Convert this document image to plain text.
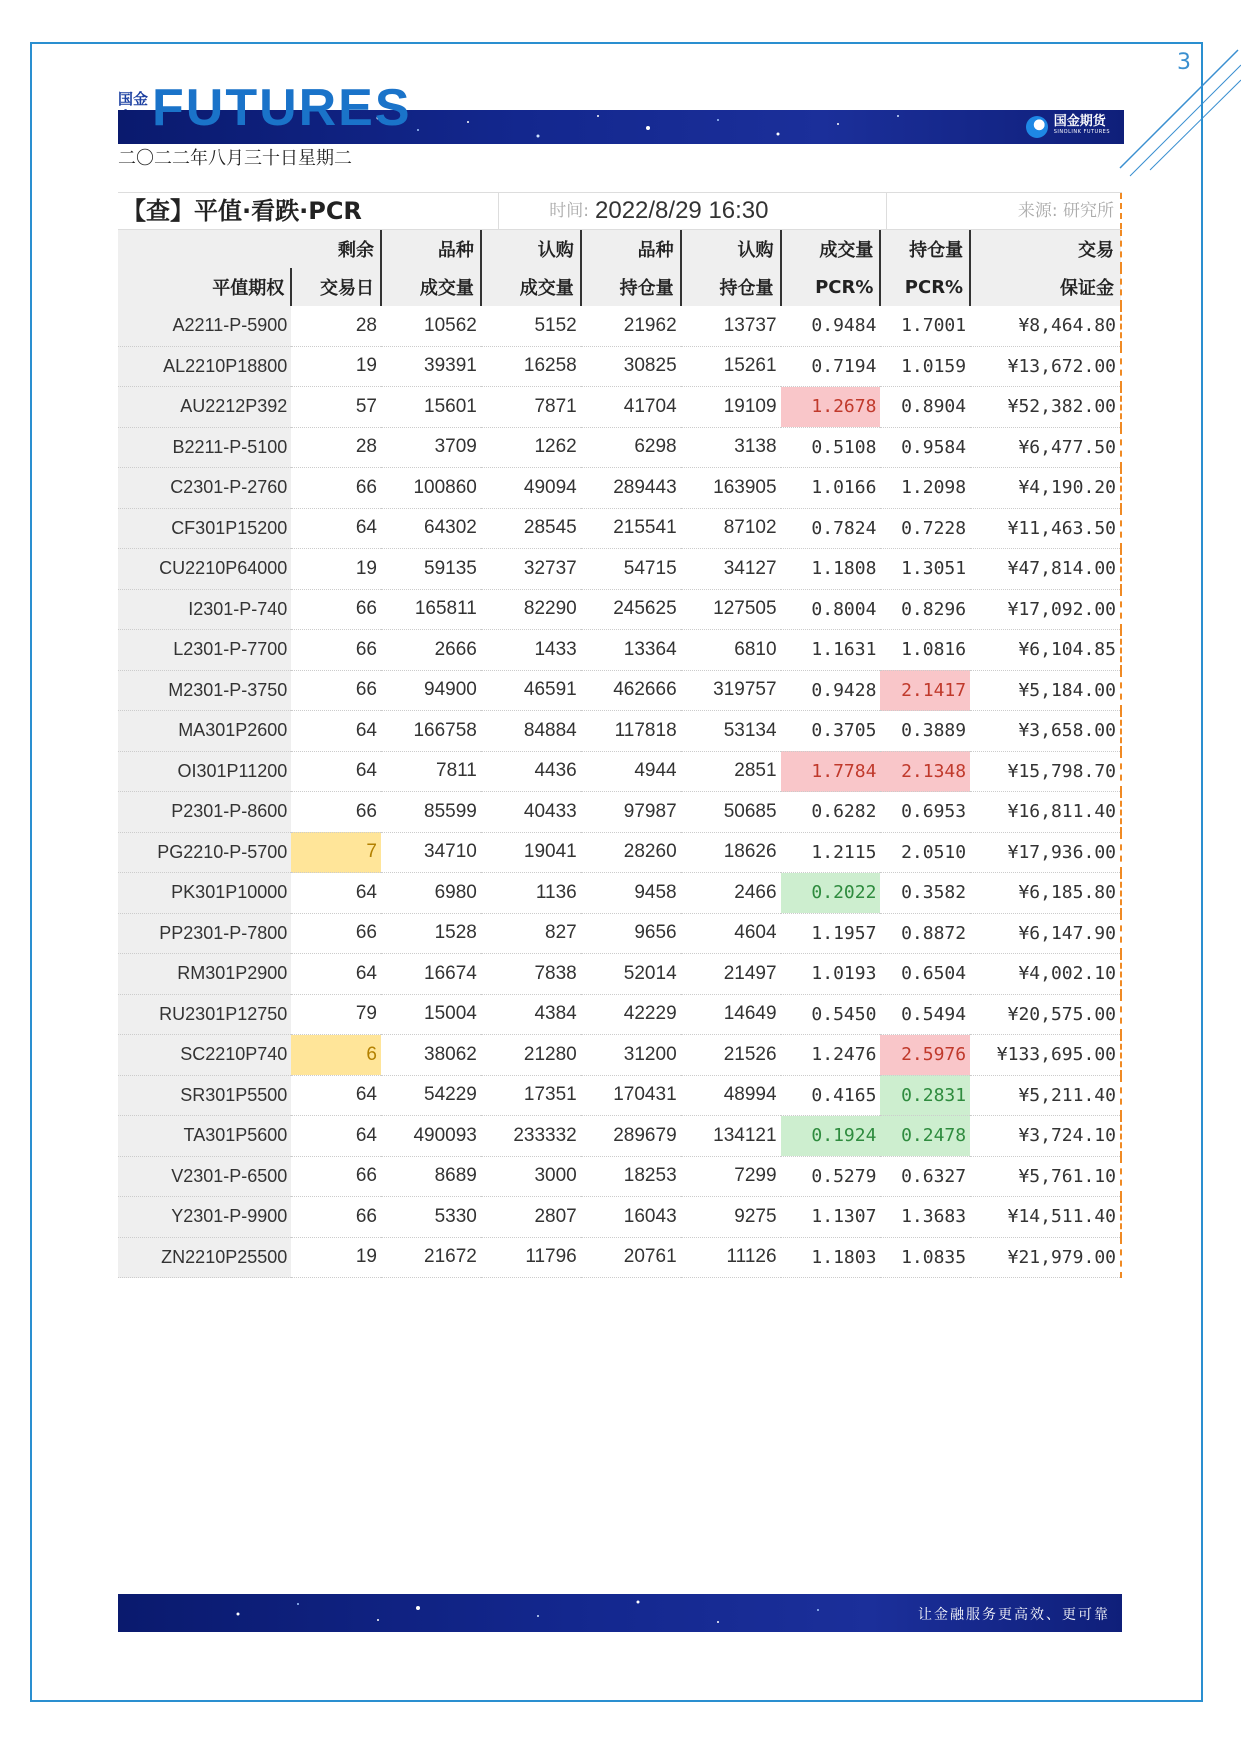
3
国金 FUTURES	国金期货
SINOLINK FUTURES
二〇二二年八月三十日星期二
【查】平值·看跌·PCR	时间: 2022/8/29 16:30	来源: 研究所
	剩余	品种	认购	品种	认购	成交量	持仓量	交易
平值期权	交易日	成交量	成交量	持仓量	持仓量	PCR%	PCR%	保证金
A2211-P-5900	28	10562	5152	21962	13737	0.9484	1.7001	¥8,464.80
AL2210P18800	19	39391	16258	30825	15261	0.7194	1.0159	¥13,672.00
AU2212P392	57	15601	7871	41704	19109	1.2678	0.8904	¥52,382.00
B2211-P-5100	28	3709	1262	6298	3138	0.5108	0.9584	¥6,477.50
C2301-P-2760	66	100860	49094	289443	163905	1.0166	1.2098	¥4,190.20
CF301P15200	64	64302	28545	215541	87102	0.7824	0.7228	¥11,463.50
CU2210P64000	19	59135	32737	54715	34127	1.1808	1.3051	¥47,814.00
I2301-P-740	66	165811	82290	245625	127505	0.8004	0.8296	¥17,092.00
L2301-P-7700	66	2666	1433	13364	6810	1.1631	1.0816	¥6,104.85
M2301-P-3750	66	94900	46591	462666	319757	0.9428	2.1417	¥5,184.00
MA301P2600	64	166758	84884	117818	53134	0.3705	0.3889	¥3,658.00
OI301P11200	64	7811	4436	4944	2851	1.7784	2.1348	¥15,798.70
P2301-P-8600	66	85599	40433	97987	50685	0.6282	0.6953	¥16,811.40
PG2210-P-5700	7	34710	19041	28260	18626	1.2115	2.0510	¥17,936.00
PK301P10000	64	6980	1136	9458	2466	0.2022	0.3582	¥6,185.80
PP2301-P-7800	66	1528	827	9656	4604	1.1957	0.8872	¥6,147.90
RM301P2900	64	16674	7838	52014	21497	1.0193	0.6504	¥4,002.10
RU2301P12750	79	15004	4384	42229	14649	0.5450	0.5494	¥20,575.00
SC2210P740	6	38062	21280	31200	21526	1.2476	2.5976	¥133,695.00
SR301P5500	64	54229	17351	170431	48994	0.4165	0.2831	¥5,211.40
TA301P5600	64	490093	233332	289679	134121	0.1924	0.2478	¥3,724.10
V2301-P-6500	66	8689	3000	18253	7299	0.5279	0.6327	¥5,761.10
Y2301-P-9900	66	5330	2807	16043	9275	1.1307	1.3683	¥14,511.40
ZN2210P25500	19	21672	11796	20761	11126	1.1803	1.0835	¥21,979.00
让金融服务更高效、更可靠
